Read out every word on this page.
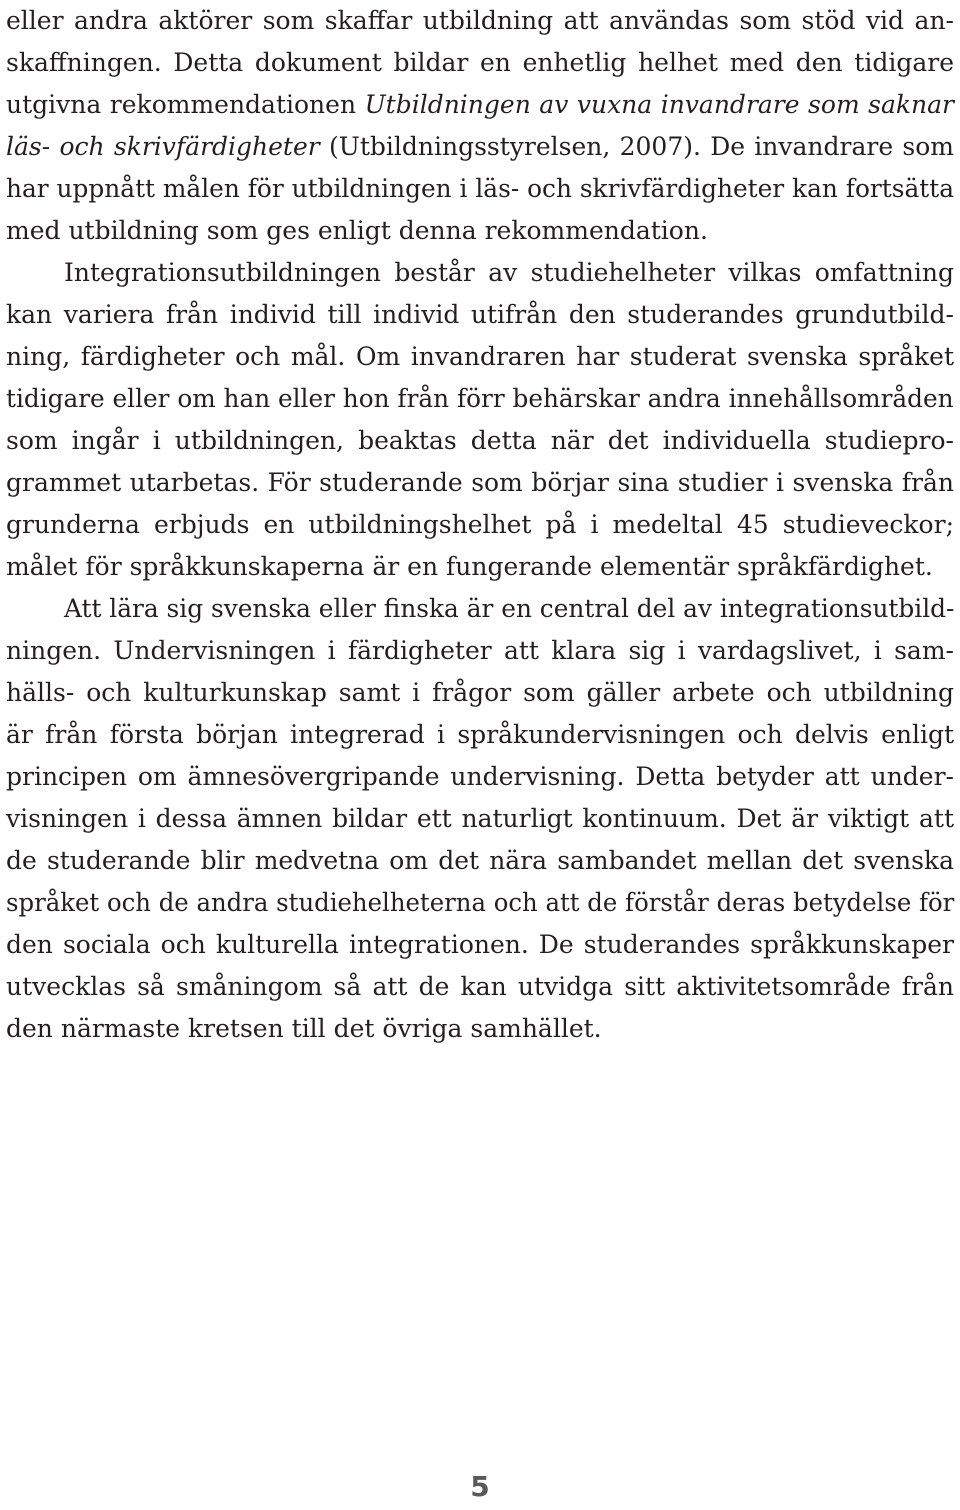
eller andra aktörer som skaffar utbildning att användas som stöd vid an-
skaffningen. Detta dokument bildar en enhetlig helhet med den tidigare
utgivna rekommendationen Utbildningen av vuxna invandrare som saknar
läs- och skrivfärdigheter (Utbildningsstyrelsen, 2007). De invandrare som
har uppnått målen för utbildningen i läs- och skrivfärdigheter kan fortsätta
med utbildning som ges enligt denna rekommendation.
Integrationsutbildningen består av studiehelheter vilkas omfattning
kan variera från individ till individ utifrån den studerandes grundutbild-
ning, färdigheter och mål. Om invandraren har studerat svenska språket
tidigare eller om han eller hon från förr behärskar andra innehållsområden
som ingår i utbildningen, beaktas detta när det individuella studiepro-
grammet utarbetas. För studerande som börjar sina studier i svenska från
grunderna erbjuds en utbildningshelhet på i medeltal 45 studieveckor;
målet för språkkunskaperna är en fungerande elementär språkfärdighet.
Att lära sig svenska eller finska är en central del av integrationsutbild-
ningen. Undervisningen i färdigheter att klara sig i vardagslivet, i sam-
hälls- och kulturkunskap samt i frågor som gäller arbete och utbildning
är från första början integrerad i språkundervisningen och delvis enligt
principen om ämnesövergripande undervisning. Detta betyder att under-
visningen i dessa ämnen bildar ett naturligt kontinuum. Det är viktigt att
de studerande blir medvetna om det nära sambandet mellan det svenska
språket och de andra studiehelheterna och att de förstår deras betydelse för
den sociala och kulturella integrationen. De studerandes språkkunskaper
utvecklas så småningom så att de kan utvidga sitt aktivitetsområde från
den närmaste kretsen till det övriga samhället.
5
